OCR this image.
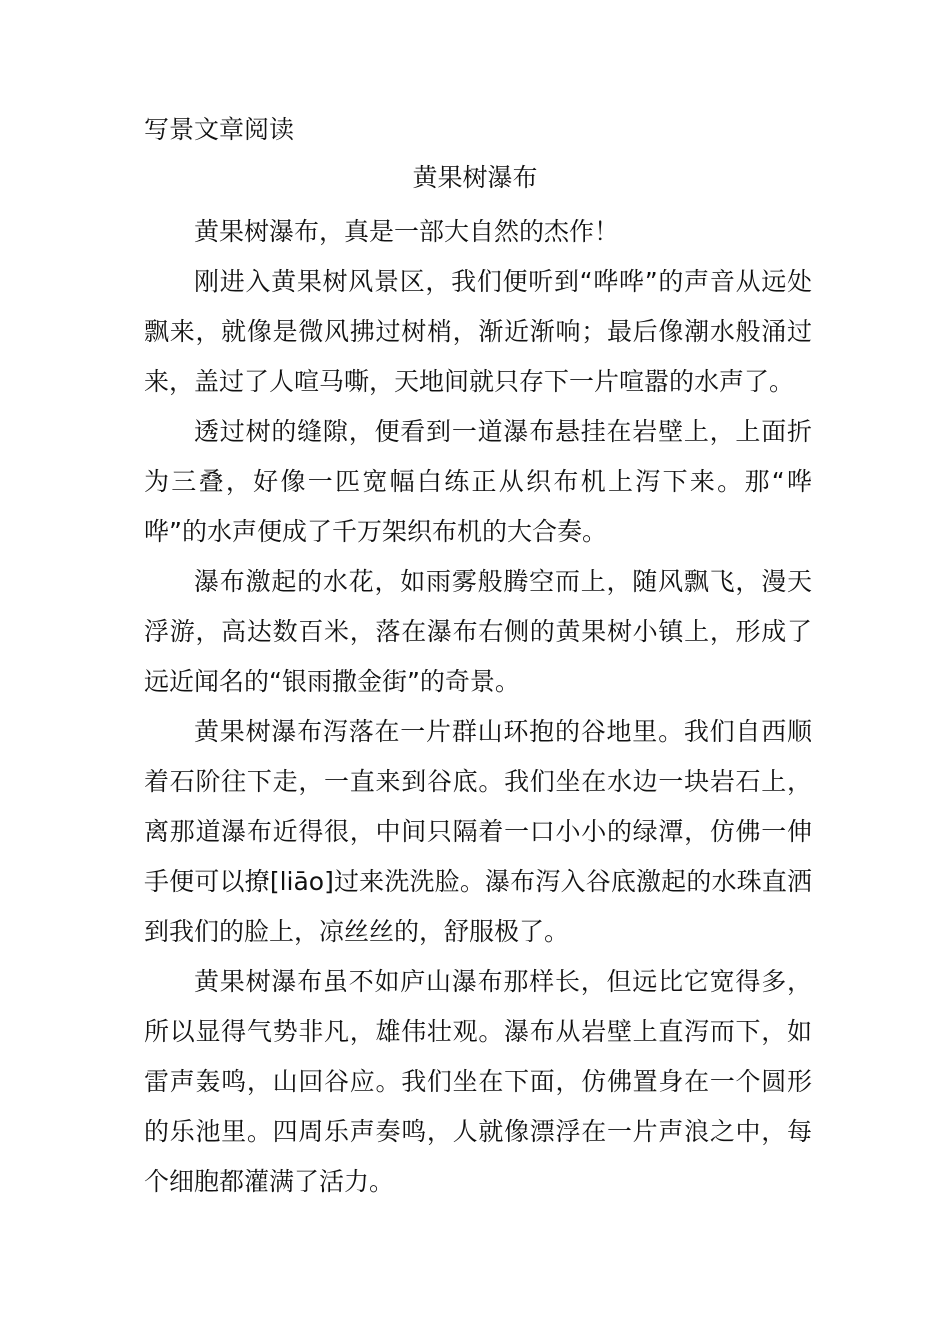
写景文章阅读
黄果树瀑布

黄果树瀑布，真是一部大自然的杰作！

刚进入黄果树风景区，我们便听到“哗哗”的声音从远处飘来，就像是微风拂过树梢，渐近渐响；最后像潮水般涌过来，盖过了人喧马嘶，天地间就只存下一片喧嚣的水声了。

透过树的缝隙，便看到一道瀑布悬挂在岩壁上，上面折为三叠，好像一匹宽幅白练正从织布机上泻下来。那“哗哗”的水声便成了千万架织布机的大合奏。

瀑布激起的水花，如雨雾般腾空而上，随风飘飞，漫天浮游，高达数百米，落在瀑布右侧的黄果树小镇上，形成了远近闻名的“银雨撒金街”的奇景。

黄果树瀑布泻落在一片群山环抱的谷地里。我们自西顺着石阶往下走，一直来到谷底。我们坐在水边一块岩石上，离那道瀑布近得很，中间只隔着一口小小的绿潭，仿佛一伸手便可以撩[liāo]过来洗洗脸。瀑布泻入谷底激起的水珠直洒到我们的脸上，凉丝丝的，舒服极了。

黄果树瀑布虽不如庐山瀑布那样长，但远比它宽得多，所以显得气势非凡，雄伟壮观。瀑布从岩壁上直泻而下，如雷声轰鸣，山回谷应。我们坐在下面，仿佛置身在一个圆形的乐池里。四周乐声奏鸣，人就像漂浮在一片声浪之中，每个细胞都灌满了活力。
